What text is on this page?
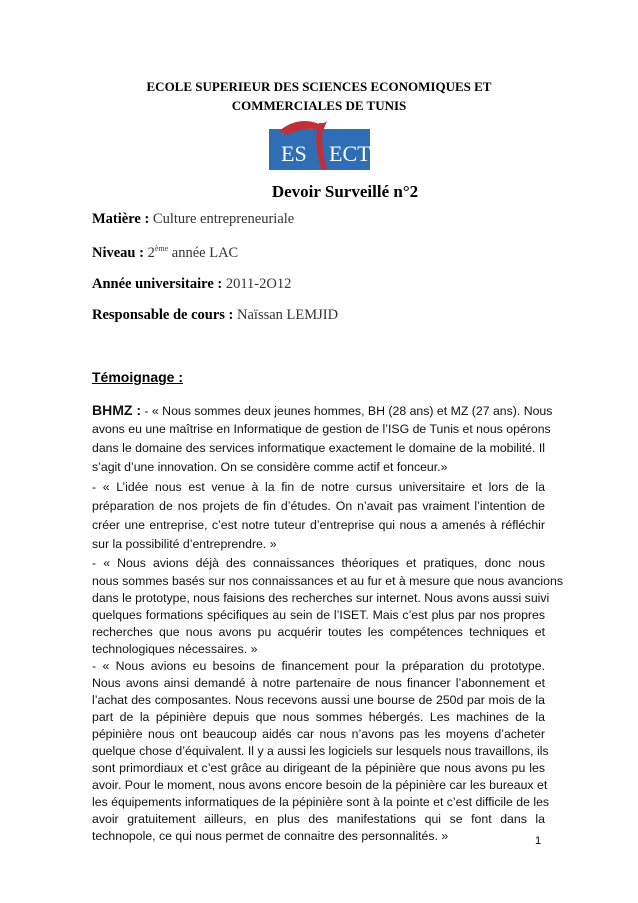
ECOLE SUPERIEUR DES SCIENCES ECONOMIQUES ET
COMMERCIALES DE TUNIS
ES ECT
Devoir Surveillé n°2
Matière : Culture entrepreneuriale
Niveau : 2ème année LAC
Année universitaire : 2011-2O12
Responsable de cours : Naïssan LEMJID
Témoignage :
BHMZ : - « Nous sommes deux jeunes hommes, BH (28 ans) et MZ (27 ans). Nous
avons eu une maîtrise en Informatique de gestion de l’ISG de Tunis et nous opérons
dans le domaine des services informatique exactement le domaine de la mobilité. Il
s’agit d’une innovation. On se considère comme actif et fonceur.»
- « L’idée nous est venue à la fin de notre cursus universitaire et lors de la
préparation de nos projets de fin d’études. On n’avait pas vraiment l’intention de
créer une entreprise, c’est notre tuteur d’entreprise qui nous a amenés à réfléchir
sur la possibilité d’entreprendre. »
- « Nous avions déjà des connaissances théoriques et pratiques, donc nous
nous sommes basés sur nos connaissances et au fur et à mesure que nous avancions
dans le prototype, nous faisions des recherches sur internet. Nous avons aussi suivi
quelques formations spécifiques au sein de l’ISET. Mais c’est plus par nos propres
recherches que nous avons pu acquérir toutes les compétences techniques et
technologiques nécessaires. »
- « Nous avions eu besoins de financement pour la préparation du prototype.
Nous avons ainsi demandé à notre partenaire de nous financer l’abonnement et
l’achat des composantes. Nous recevons aussi une bourse de 250d par mois de la
part de la pépinière depuis que nous sommes hébergés. Les machines de la
pépinière nous ont beaucoup aidés car nous n’avons pas les moyens d’acheter
quelque chose d’équivalent. Il y a aussi les logiciels sur lesquels nous travaillons, ils
sont primordiaux et c’est grâce au dirigeant de la pépinière que nous avons pu les
avoir. Pour le moment, nous avons encore besoin de la pépinière car les bureaux et
les équipements informatiques de la pépinière sont à la pointe et c’est difficile de les
avoir gratuitement ailleurs, en plus des manifestations qui se font dans la
technopole, ce qui nous permet de connaitre des personnalités. »	1
